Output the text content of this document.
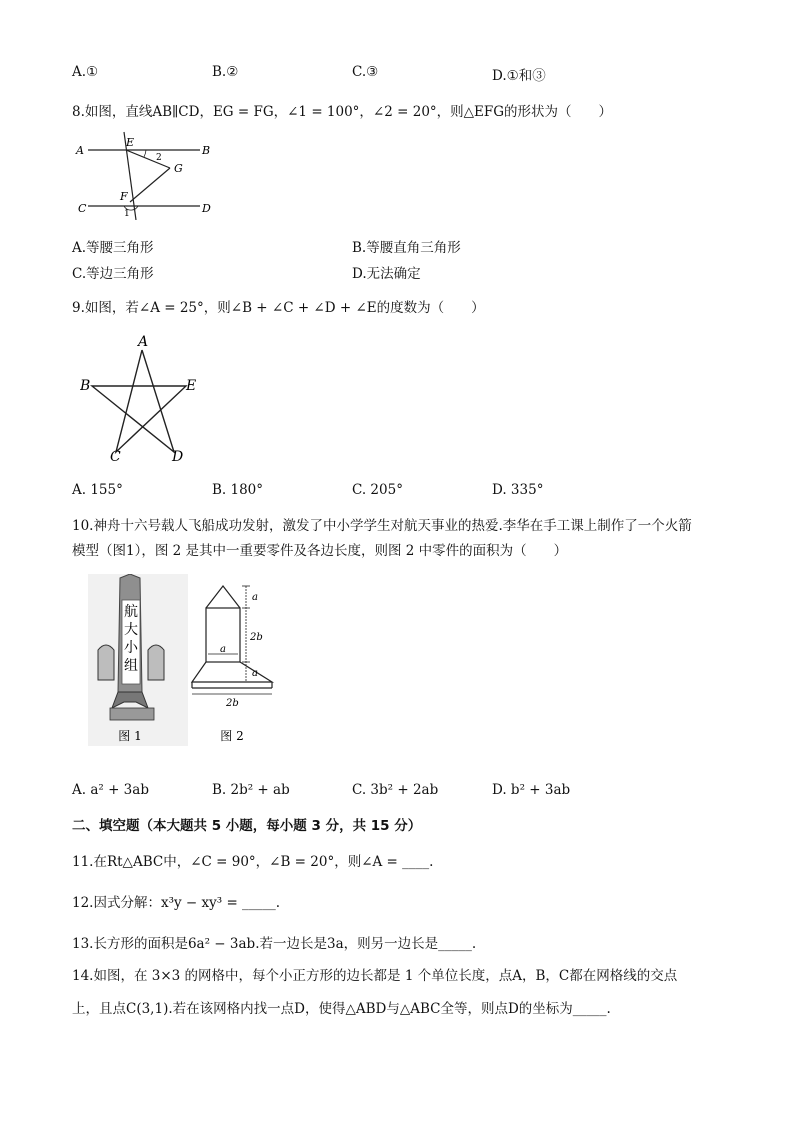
A.①	B.②	C.③	D.①和③
8.如图，直线AB∥CD，EG = FG，∠1 = 100°，∠2 = 20°，则△EFG的形状为（　　）
A	B
C	D
E
F
G
2
1
A.等腰三角形	B.等腰直角三角形
C.等边三角形	D.无法确定
9.如图，若∠A = 25°，则∠B + ∠C + ∠D + ∠E的度数为（　　）
A
B	E
C	D
A. 155°	B. 180°	C. 205°	D. 335°
10.神舟十六号载人飞船成功发射，激发了中小学学生对航天事业的热爱.李华在手工课上制作了一个火箭
模型（图1），图 2 是其中一重要零件及各边长度，则图 2 中零件的面积为（　　）
航
大
小
组
图 1
a
2b
a
a
2b
图 2
A. a² + 3ab	B. 2b² + ab	C. 3b² + 2ab	D. b² + 3ab
二、填空题（本大题共 5 小题，每小题 3 分，共 15 分）
11.在Rt△ABC中，∠C = 90°，∠B = 20°，则∠A = ____.
12.因式分解：x³y − xy³ = _____.
13.长方形的面积是6a² − 3ab.若一边长是3a，则另一边长是_____.
14.如图，在 3×3 的网格中，每个小正方形的边长都是 1 个单位长度，点A，B，C都在网格线的交点
上，且点C(3,1).若在该网格内找一点D，使得△ABD与△ABC全等，则点D的坐标为_____.
